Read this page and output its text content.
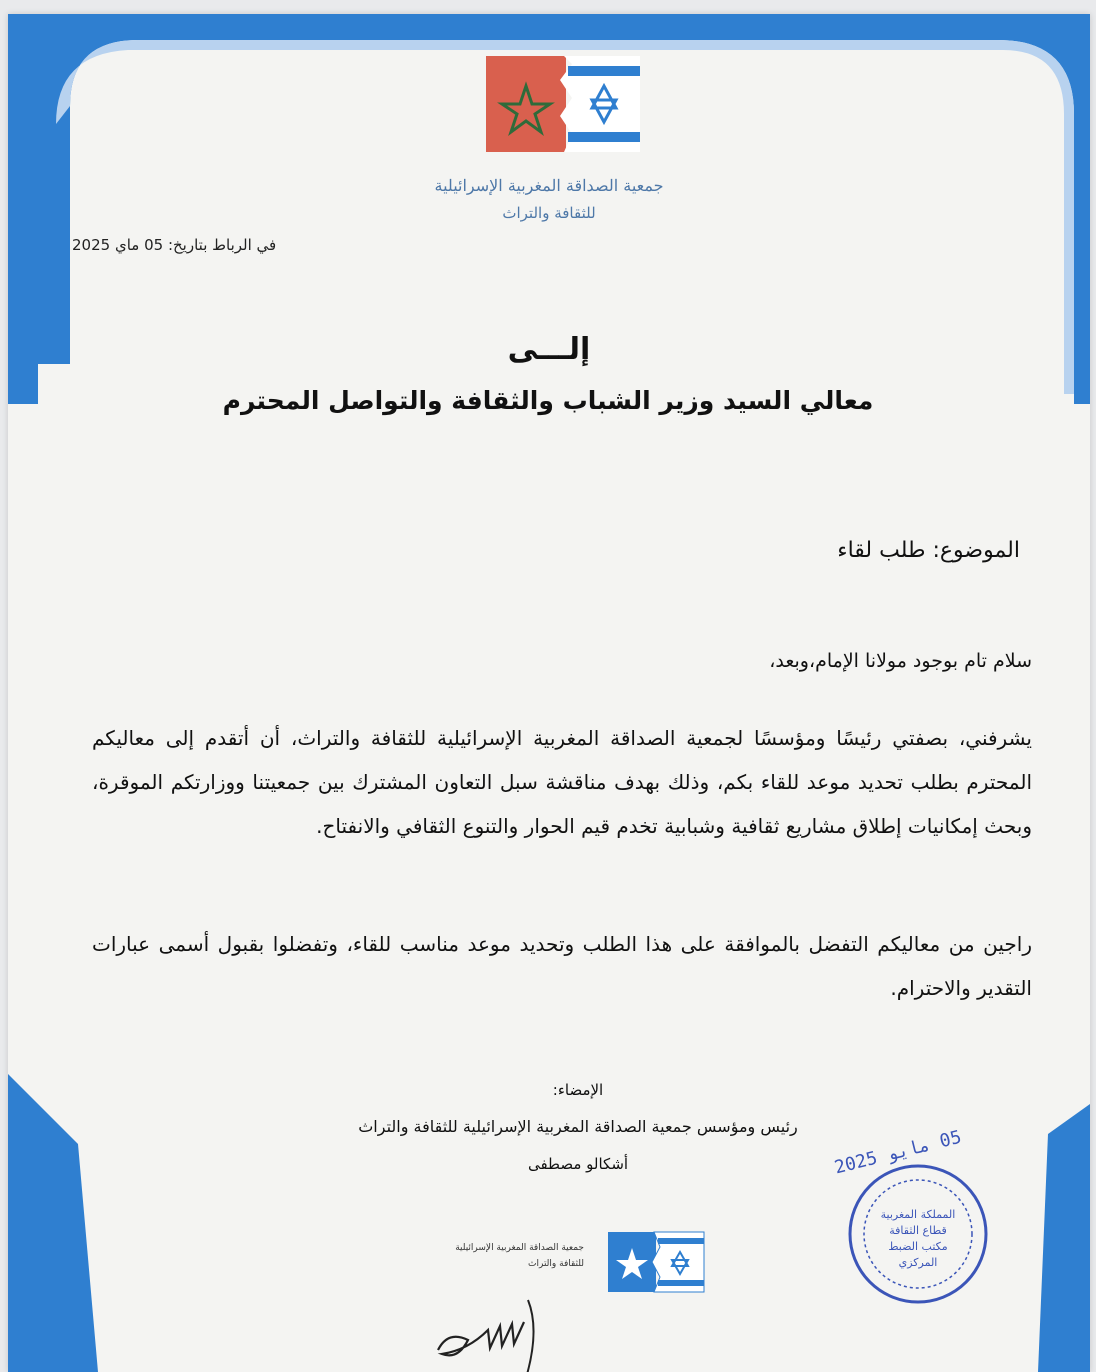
جمعية الصداقة المغربية الإسرائيلية
للثقافة والتراث
في الرباط بتاريخ: 05 ماي 2025
إلـــى
معالي السيد وزير الشباب والثقافة والتواصل المحترم
الموضوع: طلب لقاء
سلام تام بوجود مولانا الإمام،وبعد،
يشرفني، بصفتي رئيسًا ومؤسسًا لجمعية الصداقة المغربية الإسرائيلية للثقافة والتراث، أن أتقدم إلى معاليكم المحترم بطلب تحديد موعد للقاء بكم، وذلك بهدف مناقشة سبل التعاون المشترك بين جمعيتنا ووزارتكم الموقرة، وبحث إمكانيات إطلاق مشاريع ثقافية وشبابية تخدم قيم الحوار والتنوع الثقافي والانفتاح.
راجين من معاليكم التفضل بالموافقة على هذا الطلب وتحديد موعد مناسب للقاء، وتفضلوا بقبول أسمى عبارات التقدير والاحترام.
الإمضاء:
رئيس ومؤسس جمعية الصداقة المغربية الإسرائيلية للثقافة والتراث
أشكالو مصطفى
المملكة المغربية
قطاع الثقافة
مكتب الضبط
المركزي
05 مايو 2025
جمعية الصداقة المغربية الإسرائيلية
للثقافة والتراث
